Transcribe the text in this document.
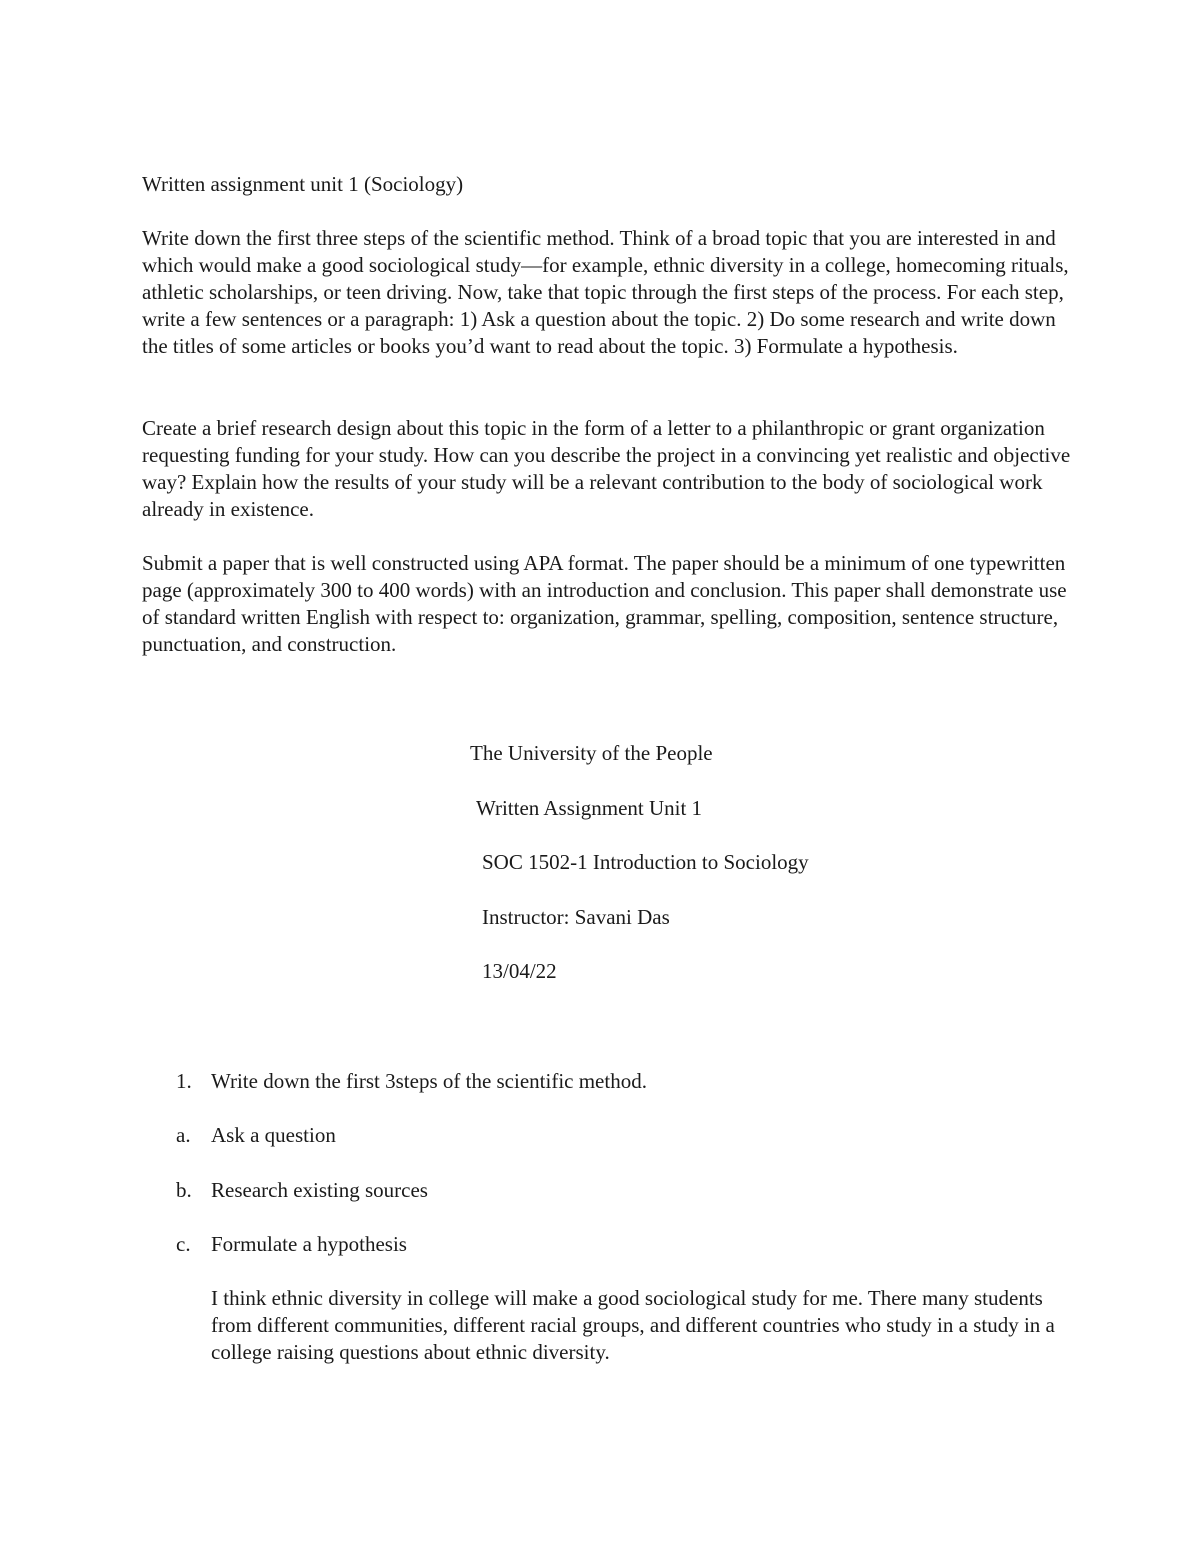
Written assignment unit 1 (Sociology)

Write down the first three steps of the scientific method. Think of a broad topic that you are interested in and which would make a good sociological study—for example, ethnic diversity in a college, homecoming rituals, athletic scholarships, or teen driving. Now, take that topic through the first steps of the process. For each step, write a few sentences or a paragraph: 1) Ask a question about the topic. 2) Do some research and write down the titles of some articles or books you’d want to read about the topic. 3) Formulate a hypothesis.

Create a brief research design about this topic in the form of a letter to a philanthropic or grant organization requesting funding for your study. How can you describe the project in a convincing yet realistic and objective way? Explain how the results of your study will be a relevant contribution to the body of sociological work already in existence.

Submit a paper that is well constructed using APA format. The paper should be a minimum of one typewritten page (approximately 300 to 400 words) with an introduction and conclusion. This paper shall demonstrate use of standard written English with respect to: organization, grammar, spelling, composition, sentence structure, punctuation, and construction.

The University of the People

Written Assignment Unit 1

SOC 1502-1 Introduction to Sociology

Instructor: Savani Das

13/04/22

1. Write down the first 3steps of the scientific method.
a. Ask a question
b. Research existing sources
c. Formulate a hypothesis

I think ethnic diversity in college will make a good sociological study for me. There many students from different communities, different racial groups, and different countries who study in a study in a college raising questions about ethnic diversity.
